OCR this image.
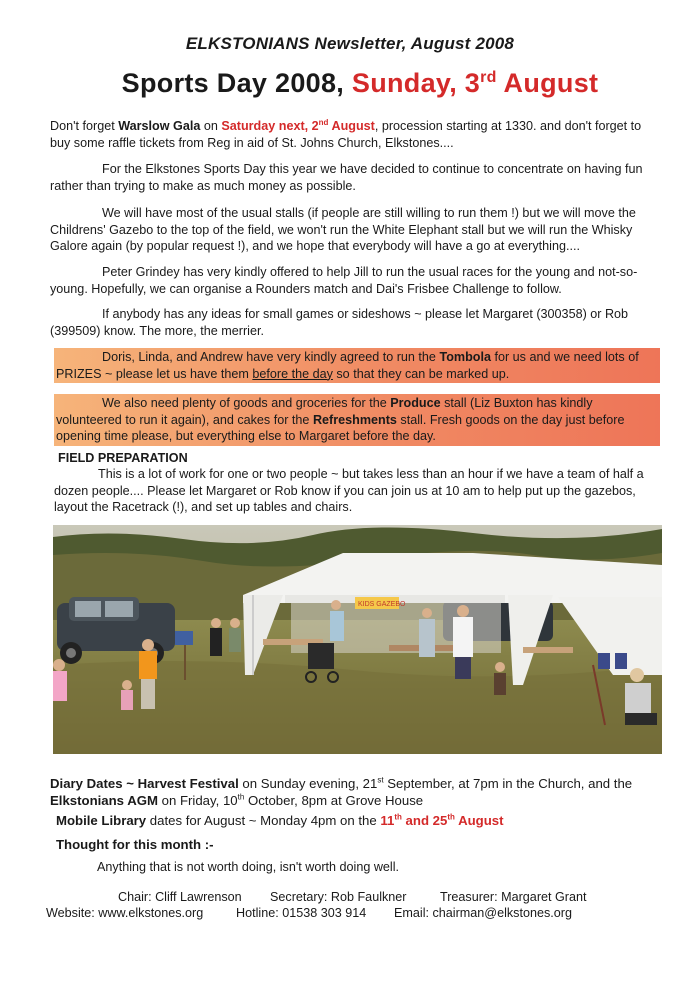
ELKSTONIANS Newsletter, August 2008
Sports Day 2008, Sunday, 3rd August
Don't forget Warslow Gala on Saturday next, 2nd August, procession starting at 1330. and don't forget to buy some raffle tickets from Reg in aid of St. Johns Church, Elkstones....
For the Elkstones Sports Day this year we have decided to continue to concentrate on having fun rather than trying to make as much money as possible.
We will have most of the usual stalls (if people are still willing to run them !) but we will move the Childrens' Gazebo to the top of the field, we won't run the White Elephant stall but we will run the Whisky Galore again (by popular request !), and we hope that everybody will have a go at everything....
Peter Grindey has very kindly offered to help Jill to run the usual races for the young and not-so-young. Hopefully, we can organise a Rounders match and Dai's Frisbee Challenge to follow.
If anybody has any ideas for small games or sideshows ~ please let Margaret (300358) or Rob (399509) know. The more, the merrier.
Doris, Linda, and Andrew have very kindly agreed to run the Tombola for us and we need lots of PRIZES ~ please let us have them before the day so that they can be marked up.
We also need plenty of goods and groceries for the Produce stall (Liz Buxton has kindly volunteered to run it again), and cakes for the Refreshments stall. Fresh goods on the day just before opening time please, but everything else to Margaret before the day.
FIELD PREPARATION
This is a lot of work for one or two people ~ but takes less than an hour if we have a team of half a dozen people.... Please let Margaret or Rob know if you can join us at 10 am to help put up the gazebos, layout the Racetrack (!), and set up tables and chairs.
KIDS GAZEBO
Diary Dates ~ Harvest Festival on Sunday evening, 21st September, at 7pm in the Church, and the Elkstonians AGM on Friday, 10th October, 8pm at Grove House
Mobile Library dates for August ~ Monday 4pm on the 11th and 25th August
Thought for this month :-
Anything that is not worth doing, isn't worth doing well.
Chair: Cliff Lawrenson Secretary: Rob Faulkner	Treasurer: Margaret Grant
Website: www.elkstones.org	Hotline: 01538 303 914 Email: chairman@elkstones.org
